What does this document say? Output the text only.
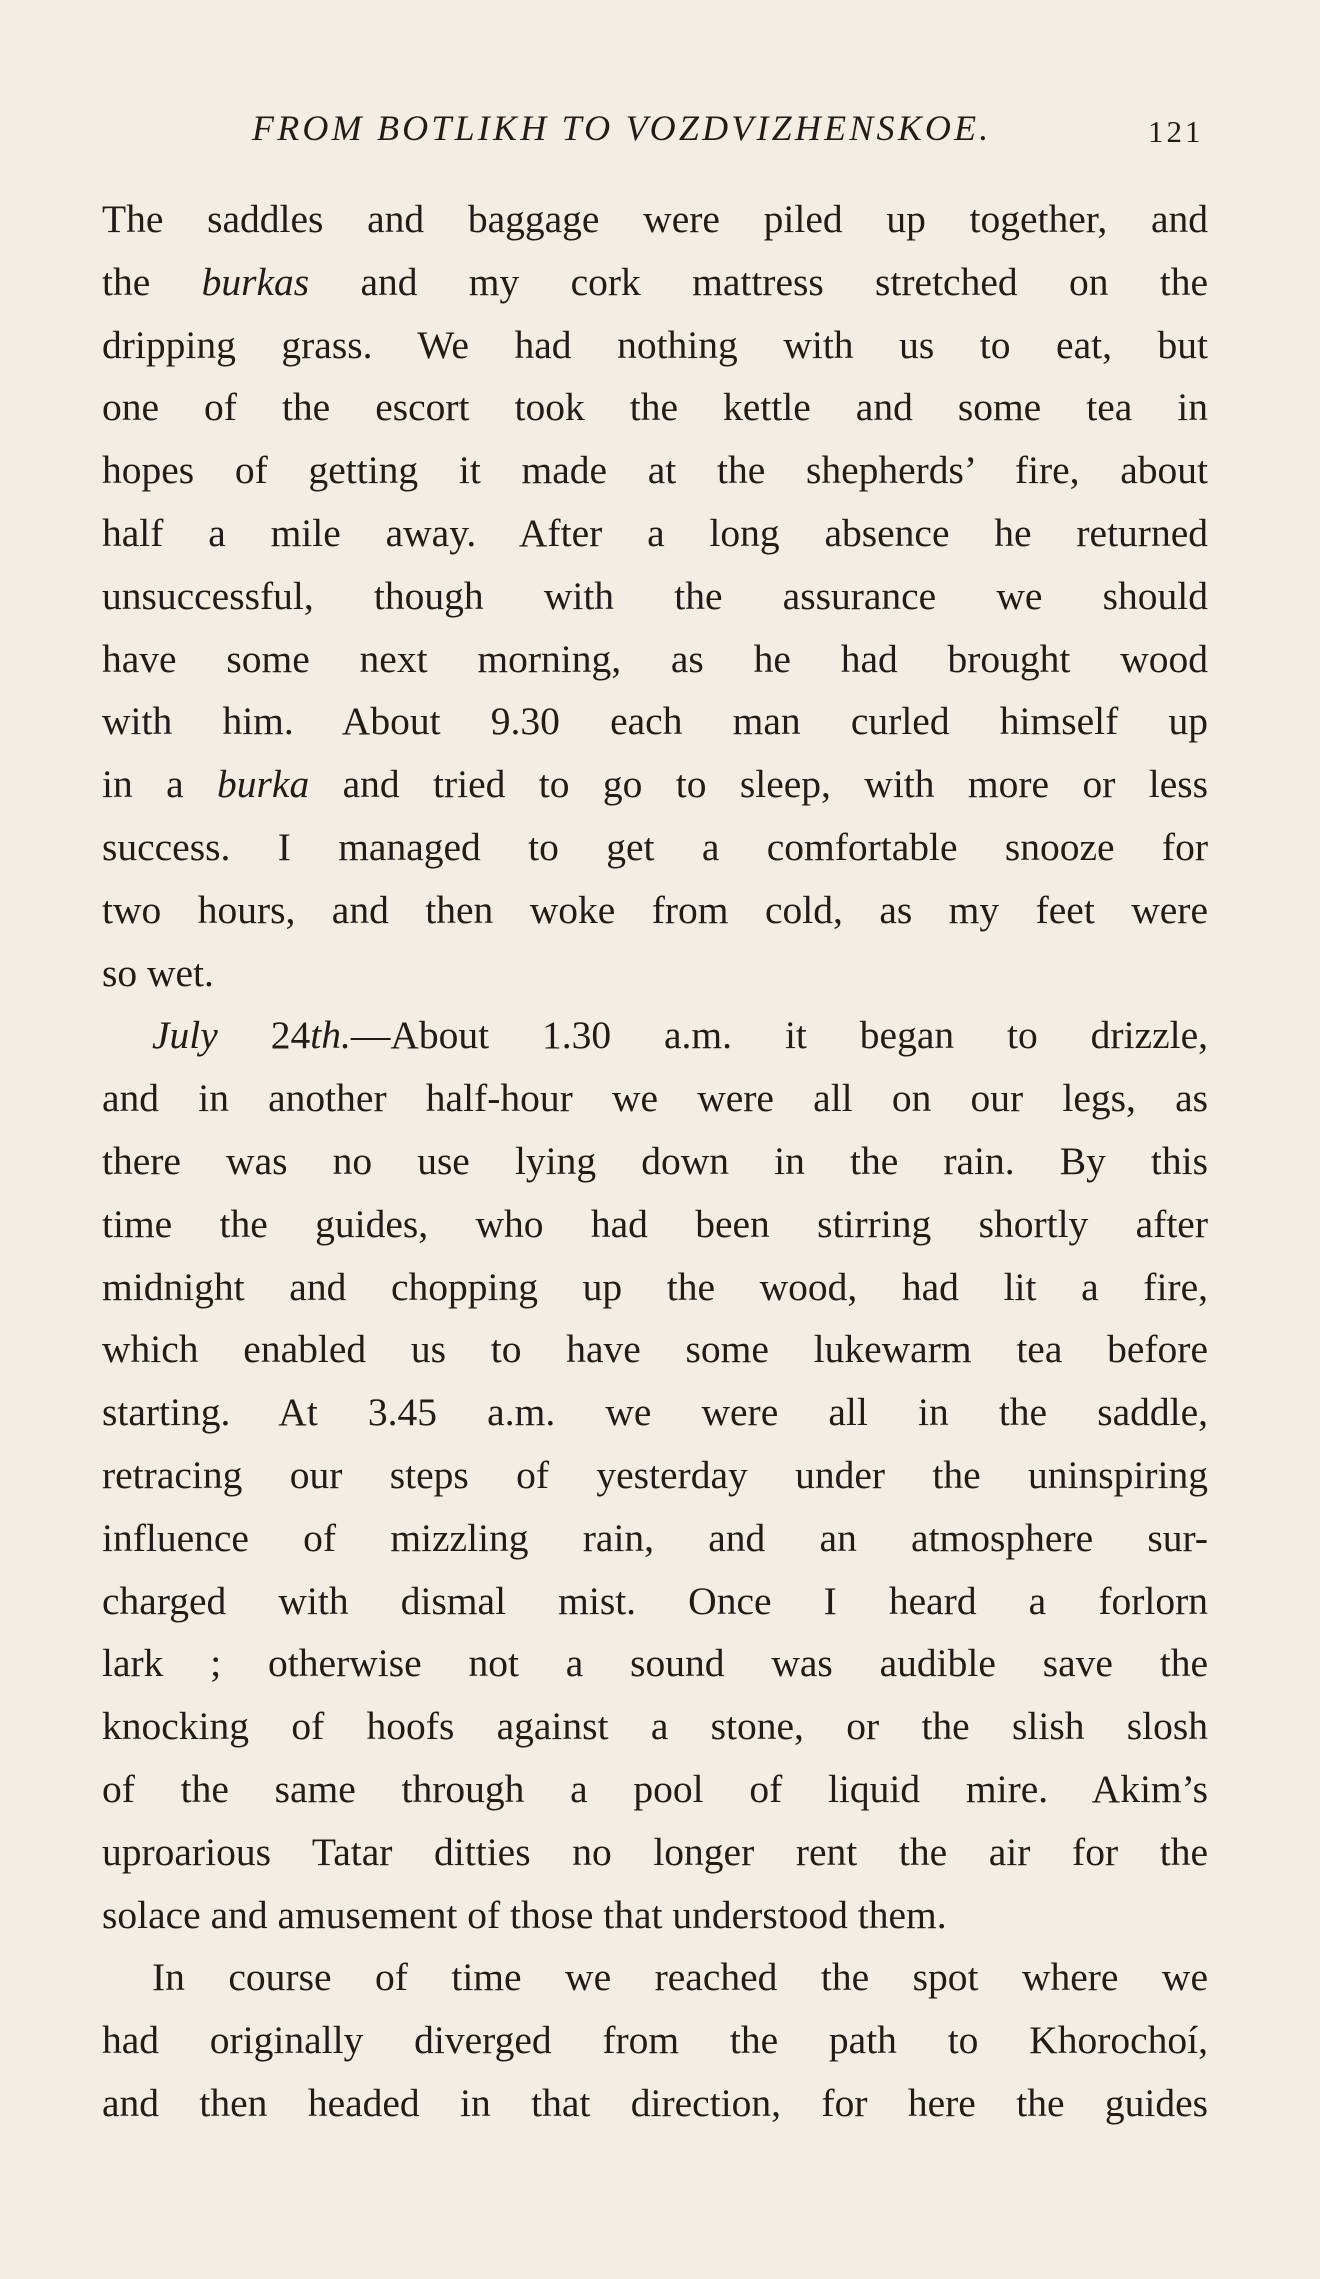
FROM BOTLIKH TO VOZDVIZHENSKOE.	121
The saddles and baggage were piled up together, and
the burkas and my cork mattress stretched on the
dripping grass. We had nothing with us to eat, but
one of the escort took the kettle and some tea in
hopes of getting it made at the shepherds’ fire, about
half a mile away. After a long absence he returned
unsuccessful, though with the assurance we should
have some next morning, as he had brought wood
with him. About 9.30 each man curled himself up
in a burka and tried to go to sleep, with more or less
success. I managed to get a comfortable snooze for
two hours, and then woke from cold, as my feet were
so wet.
July 24th.—About 1.30 a.m. it began to drizzle,
and in another half-hour we were all on our legs, as
there was no use lying down in the rain. By this
time the guides, who had been stirring shortly after
midnight and chopping up the wood, had lit a fire,
which enabled us to have some lukewarm tea before
starting. At 3.45 a.m. we were all in the saddle,
retracing our steps of yesterday under the uninspiring
influence of mizzling rain, and an atmosphere sur-
charged with dismal mist. Once I heard a forlorn
lark ; otherwise not a sound was audible save the
knocking of hoofs against a stone, or the slish slosh
of the same through a pool of liquid mire. Akim’s
uproarious Tatar ditties no longer rent the air for the
solace and amusement of those that understood them.
In course of time we reached the spot where we
had originally diverged from the path to Khorochoí,
and then headed in that direction, for here the guides
